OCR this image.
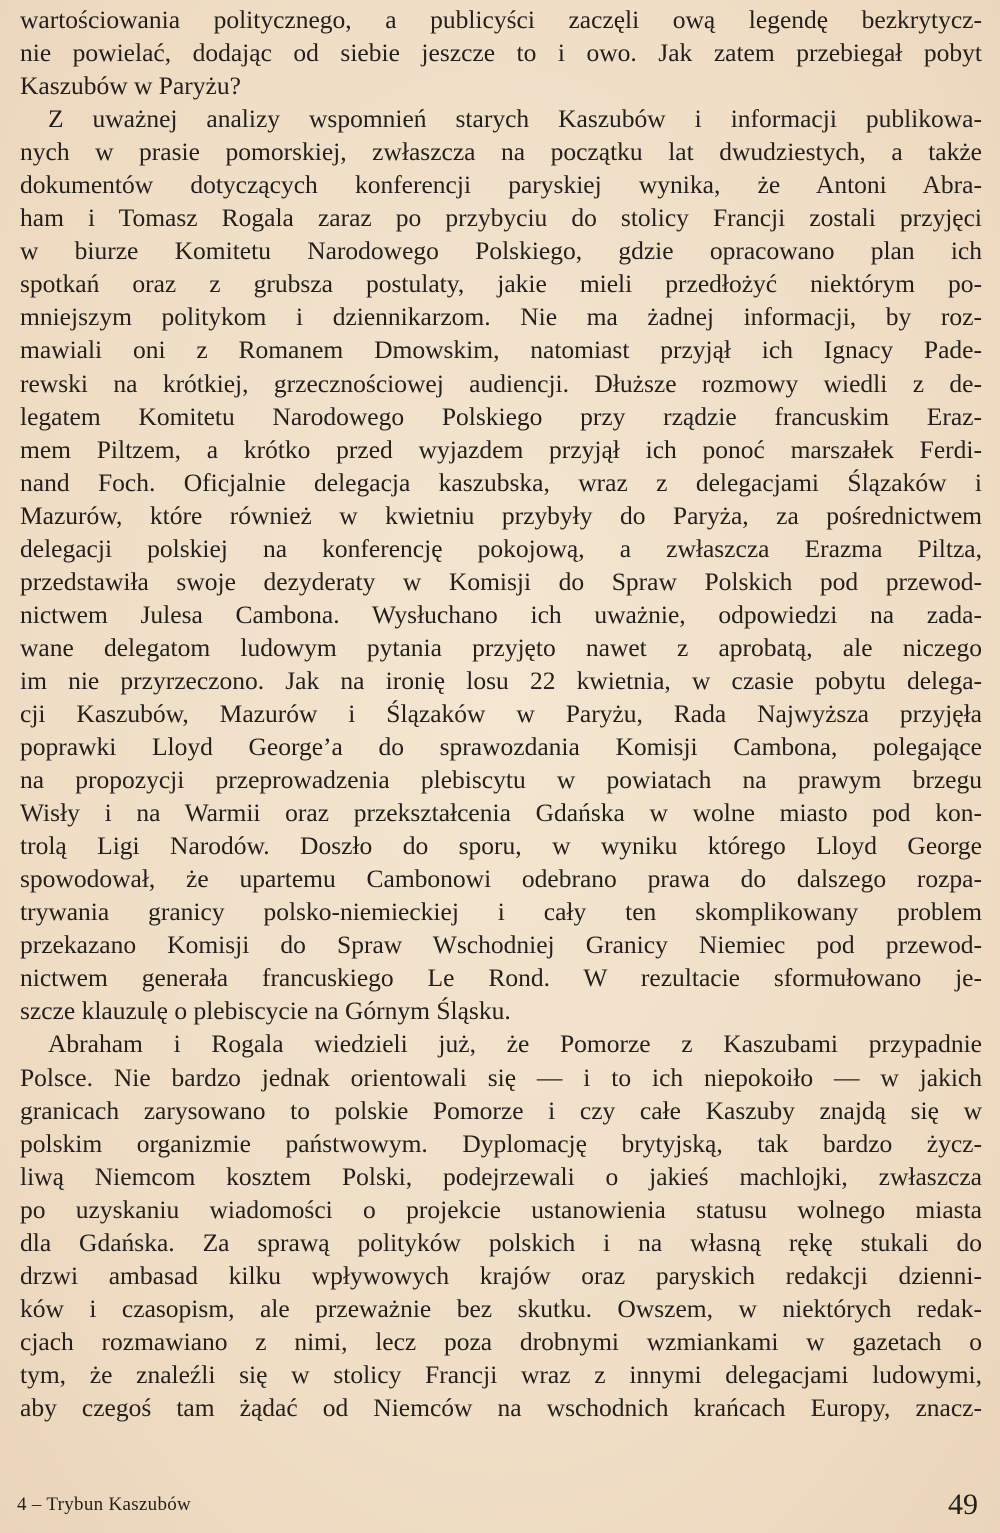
wartościowania politycznego, a publicyści zaczęli ową legendę bezkrytycz-
nie powielać, dodając od siebie jeszcze to i owo. Jak zatem przebiegał pobyt
Kaszubów w Paryżu?
Z uważnej analizy wspomnień starych Kaszubów i informacji publikowa-
nych w prasie pomorskiej, zwłaszcza na początku lat dwudziestych, a także
dokumentów dotyczących konferencji paryskiej wynika, że Antoni Abra-
ham i Tomasz Rogala zaraz po przybyciu do stolicy Francji zostali przyjęci
w biurze Komitetu Narodowego Polskiego, gdzie opracowano plan ich
spotkań oraz z grubsza postulaty, jakie mieli przedłożyć niektórym po-
mniejszym politykom i dziennikarzom. Nie ma żadnej informacji, by roz-
mawiali oni z Romanem Dmowskim, natomiast przyjął ich Ignacy Pade-
rewski na krótkiej, grzecznościowej audiencji. Dłuższe rozmowy wiedli z de-
legatem Komitetu Narodowego Polskiego przy rządzie francuskim Eraz-
mem Piltzem, a krótko przed wyjazdem przyjął ich ponoć marszałek Ferdi-
nand Foch. Oficjalnie delegacja kaszubska, wraz z delegacjami Ślązaków i
Mazurów, które również w kwietniu przybyły do Paryża, za pośrednictwem
delegacji polskiej na konferencję pokojową, a zwłaszcza Erazma Piltza,
przedstawiła swoje dezyderaty w Komisji do Spraw Polskich pod przewod-
nictwem Julesa Cambona. Wysłuchano ich uważnie, odpowiedzi na zada-
wane delegatom ludowym pytania przyjęto nawet z aprobatą, ale niczego
im nie przyrzeczono. Jak na ironię losu 22 kwietnia, w czasie pobytu delega-
cji Kaszubów, Mazurów i Ślązaków w Paryżu, Rada Najwyższa przyjęła
poprawki Lloyd George’a do sprawozdania Komisji Cambona, polegające
na propozycji przeprowadzenia plebiscytu w powiatach na prawym brzegu
Wisły i na Warmii oraz przekształcenia Gdańska w wolne miasto pod kon-
trolą Ligi Narodów. Doszło do sporu, w wyniku którego Lloyd George
spowodował, że upartemu Cambonowi odebrano prawa do dalszego rozpa-
trywania granicy polsko-niemieckiej i cały ten skomplikowany problem
przekazano Komisji do Spraw Wschodniej Granicy Niemiec pod przewod-
nictwem generała francuskiego Le Rond. W rezultacie sformułowano je-
szcze klauzulę o plebiscycie na Górnym Śląsku.
Abraham i Rogala wiedzieli już, że Pomorze z Kaszubami przypadnie
Polsce. Nie bardzo jednak orientowali się — i to ich niepokoiło — w jakich
granicach zarysowano to polskie Pomorze i czy całe Kaszuby znajdą się w
polskim organizmie państwowym. Dyplomację brytyjską, tak bardzo życz-
liwą Niemcom kosztem Polski, podejrzewali o jakieś machlojki, zwłaszcza
po uzyskaniu wiadomości o projekcie ustanowienia statusu wolnego miasta
dla Gdańska. Za sprawą polityków polskich i na własną rękę stukali do
drzwi ambasad kilku wpływowych krajów oraz paryskich redakcji dzienni-
ków i czasopism, ale przeważnie bez skutku. Owszem, w niektórych redak-
cjach rozmawiano z nimi, lecz poza drobnymi wzmiankami w gazetach o
tym, że znaleźli się w stolicy Francji wraz z innymi delegacjami ludowymi,
aby czegoś tam żądać od Niemców na wschodnich krańcach Europy, znacz-
4 – Trybun Kaszubów	49
